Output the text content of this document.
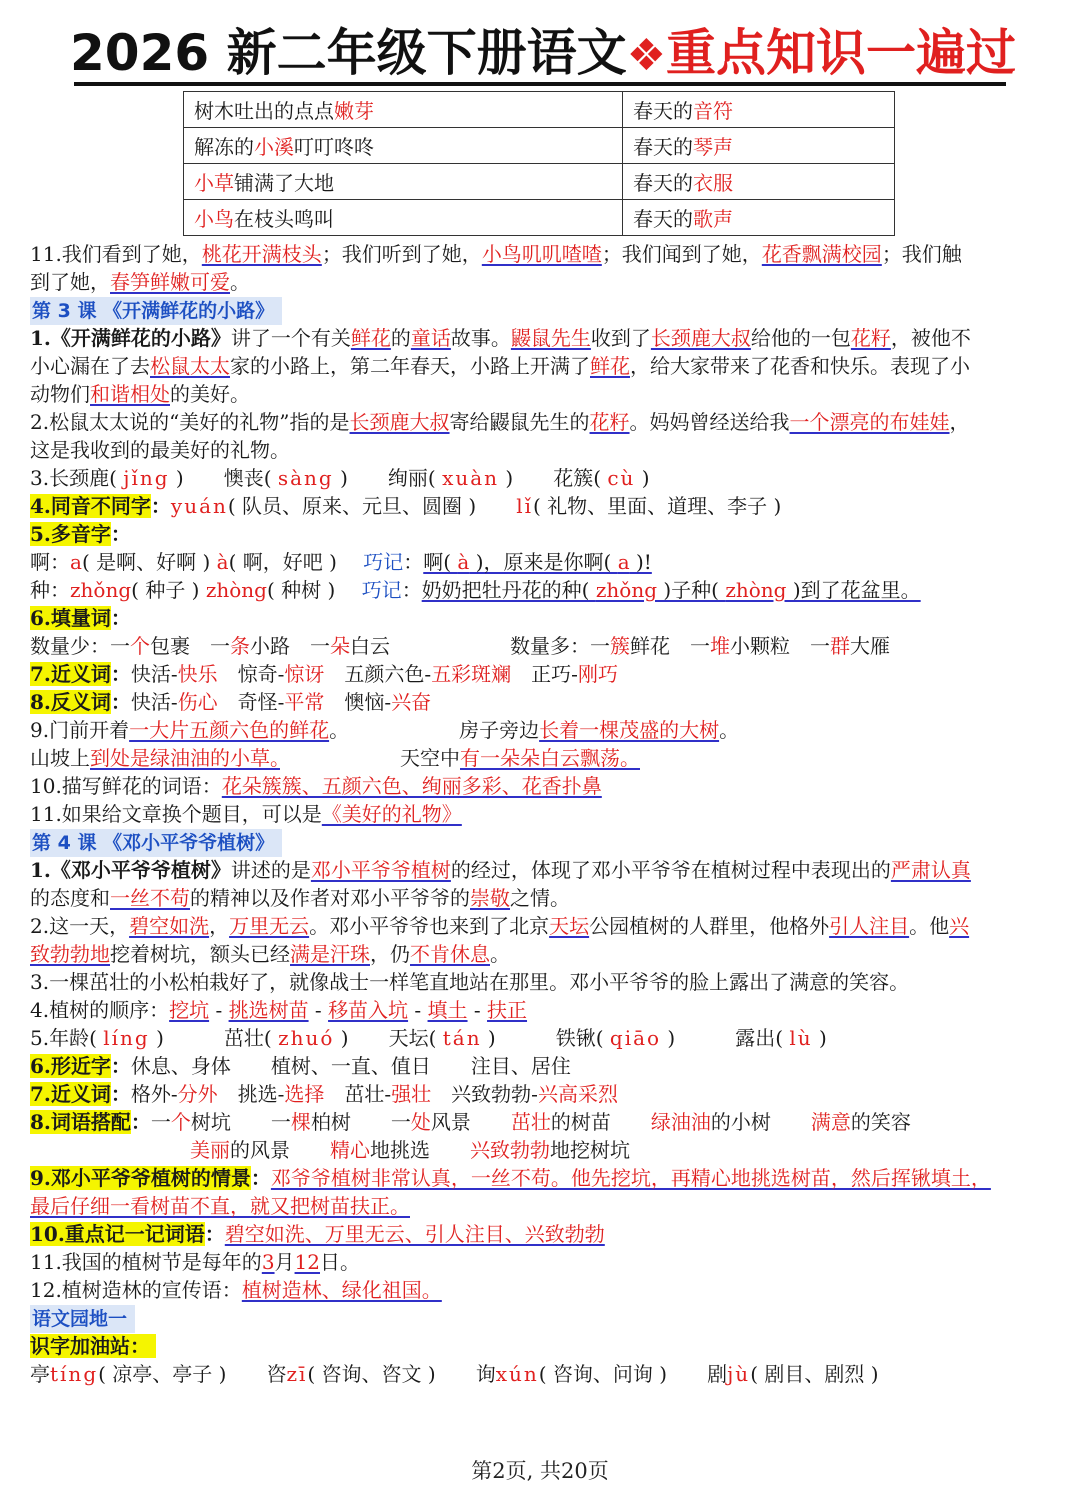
2026 新二年级下册语文❖重点知识一遍过
树木吐出的点点嫩芽	春天的音符
解冻的小溪叮叮咚咚	春天的琴声
小草铺满了大地	春天的衣服
小鸟在枝头鸣叫	春天的歌声
11.我们看到了她，桃花开满枝头；我们听到了她，小鸟叽叽喳喳；我们闻到了她，花香飘满校园；我们触
到了她，春笋鲜嫩可爱。
第 3 课 《开满鲜花的小路》
1.《开满鲜花的小路》讲了一个有关鲜花的童话故事。鼹鼠先生收到了长颈鹿大叔给他的一包花籽，被他不
小心漏在了去松鼠太太家的小路上，第二年春天，小路上开满了鲜花，给大家带来了花香和快乐。表现了小
动物们和谐相处的美好。
2.松鼠太太说的“美好的礼物”指的是长颈鹿大叔寄给鼹鼠先生的花籽。妈妈曾经送给我一个漂亮的布娃娃，
这是我收到的最美好的礼物。
3.长颈鹿( jǐng )　　懊丧( sàng )　　绚丽( xuàn )　　花簇( cù )
4.同音不同字：yuán( 队员、原来、元旦、圆圈 )　　lǐ( 礼物、里面、道理、李子 )
5.多音字：
啊：a( 是啊、好啊 ) à( 啊，好吧 )　 巧记：啊( à )，原来是你啊( a )!
种：zhǒng( 种子 ) zhòng( 种树 )　 巧记：奶奶把牡丹花的种( zhǒng )子种( zhòng )到了花盆里。
6.填量词：
数量少：一个包裹　一条小路　一朵白云　　　　　　数量多：一簇鲜花　一堆小颗粒　一群大雁
7.近义词：快活-快乐　惊奇-惊讶　五颜六色-五彩斑斓　正巧-刚巧
8.反义词：快活-伤心　奇怪-平常　懊恼-兴奋
9.门前开着一大片五颜六色的鲜花。　　　　　　房子旁边长着一棵茂盛的大树。
山坡上到处是绿油油的小草。　　　　　　天空中有一朵朵白云飘荡。
10.描写鲜花的词语：花朵簇簇、五颜六色、绚丽多彩、花香扑鼻
11.如果给文章换个题目，可以是《美好的礼物》
第 4 课 《邓小平爷爷植树》
1.《邓小平爷爷植树》讲述的是邓小平爷爷植树的经过，体现了邓小平爷爷在植树过程中表现出的严肃认真
的态度和一丝不苟的精神以及作者对邓小平爷爷的崇敬之情。
2.这一天，碧空如洗，万里无云。邓小平爷爷也来到了北京天坛公园植树的人群里，他格外引人注目。他兴
致勃勃地挖着树坑，额头已经满是汗珠，仍不肯休息。
3.一棵茁壮的小松柏栽好了，就像战士一样笔直地站在那里。邓小平爷爷的脸上露出了满意的笑容。
4.植树的顺序：挖坑 - 挑选树苗 - 移苗入坑 - 填土 - 扶正
5.年龄( líng )　　　茁壮( zhuó )　　天坛( tán )　　　铁锹( qiāo )　　　露出( lù )
6.形近字：休息、身体　　植树、一直、值日　　注目、居住
7.近义词：格外-分外　挑选-选择　茁壮-强壮　兴致勃勃-兴高采烈
8.词语搭配：一个树坑　　一棵柏树　　一处风景　　茁壮的树苗　　绿油油的小树　　满意的笑容
　　　　　　　　美丽的风景　　精心地挑选　　兴致勃勃地挖树坑
9.邓小平爷爷植树的情景：邓爷爷植树非常认真，一丝不苟。他先挖坑，再精心地挑选树苗，然后挥锹填土，
最后仔细一看树苗不直，就又把树苗扶正。
10.重点记一记词语：碧空如洗、万里无云、引人注目、兴致勃勃
11.我国的植树节是每年的3月12日。
12.植树造林的宣传语：植树造林、绿化祖国。
语文园地一
识字加油站：
亭tíng( 凉亭、亭子 )　　咨zī( 咨询、咨文 )　　询xún( 咨询、问询 )　　剧jù( 剧目、剧烈 )
第2页, 共20页
